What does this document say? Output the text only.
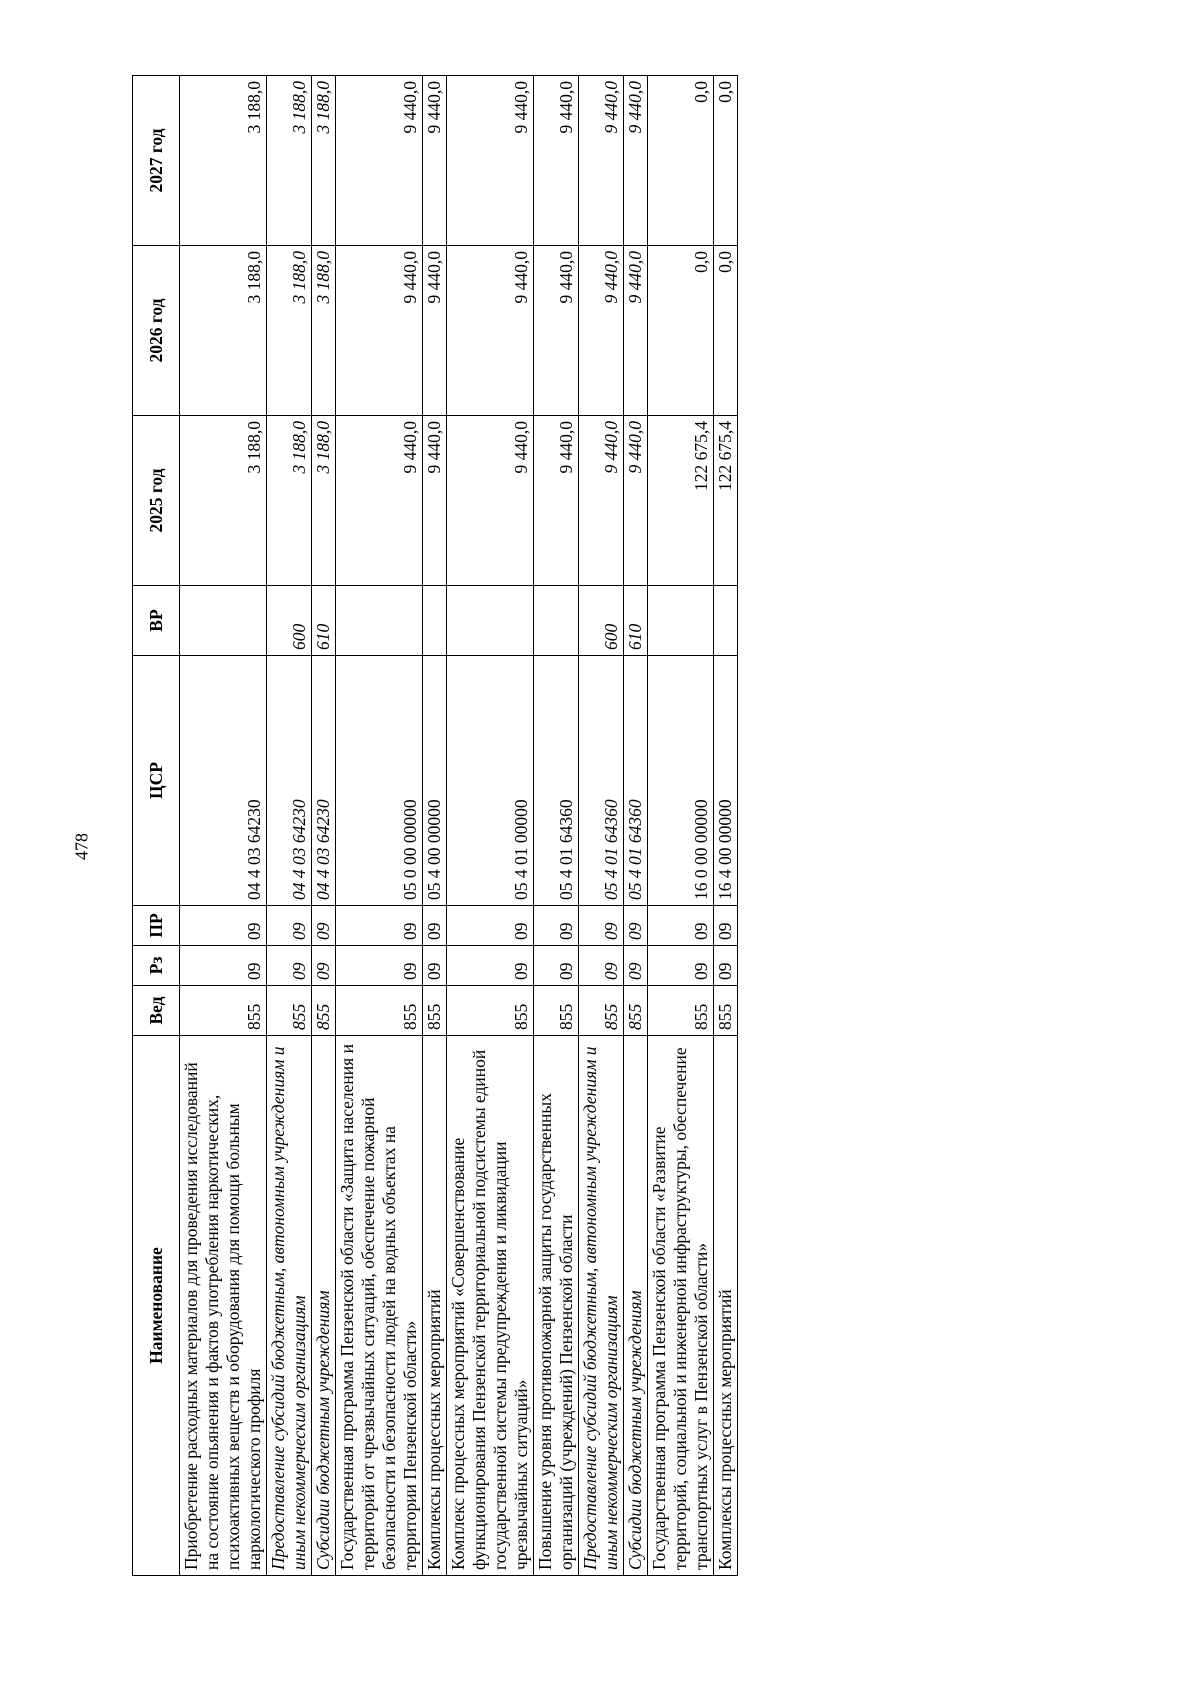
478
Наименование	Вед	Рз	ПР	ЦСР	ВР	2025 год	2026 год	2027 год
Приобретение расходных материалов для проведения исследований на состояние опьянения и фактов употребления наркотических, психоактивных веществ и оборудования для помощи больным наркологического профиля	855	09	09	04 4 03 64230		3 188,0	3 188,0	3 188,0
Предоставление субсидий бюджетным, автономным учреждениям и иным некоммерческим организациям	855	09	09	04 4 03 64230	600	3 188,0	3 188,0	3 188,0
Субсидии бюджетным учреждениям	855	09	09	04 4 03 64230	610	3 188,0	3 188,0	3 188,0
Государственная программа Пензенской области «Защита населения и территорий от чрезвычайных ситуаций, обеспечение пожарной безопасности и безопасности людей на водных объектах на территории Пензенской области»	855	09	09	05 0 00 00000		9 440,0	9 440,0	9 440,0
Комплексы процессных мероприятий	855	09	09	05 4 00 00000		9 440,0	9 440,0	9 440,0
Комплекс процессных мероприятий «Совершенствование функционирования Пензенской территориальной подсистемы единой государственной системы предупреждения и ликвидации чрезвычайных ситуаций»	855	09	09	05 4 01 00000		9 440,0	9 440,0	9 440,0
Повышение уровня противопожарной защиты государственных организаций (учреждений) Пензенской области	855	09	09	05 4 01 64360		9 440,0	9 440,0	9 440,0
Предоставление субсидий бюджетным, автономным учреждениям и иным некоммерческим организациям	855	09	09	05 4 01 64360	600	9 440,0	9 440,0	9 440,0
Субсидии бюджетным учреждениям	855	09	09	05 4 01 64360	610	9 440,0	9 440,0	9 440,0
Государственная программа Пензенской области «Развитие территорий, социальной и инженерной инфраструктуры, обеспечение транспортных услуг в Пензенской области»	855	09	09	16 0 00 00000		122 675,4	0,0	0,0
Комплексы процессных мероприятий	855	09	09	16 4 00 00000		122 675,4	0,0	0,0
